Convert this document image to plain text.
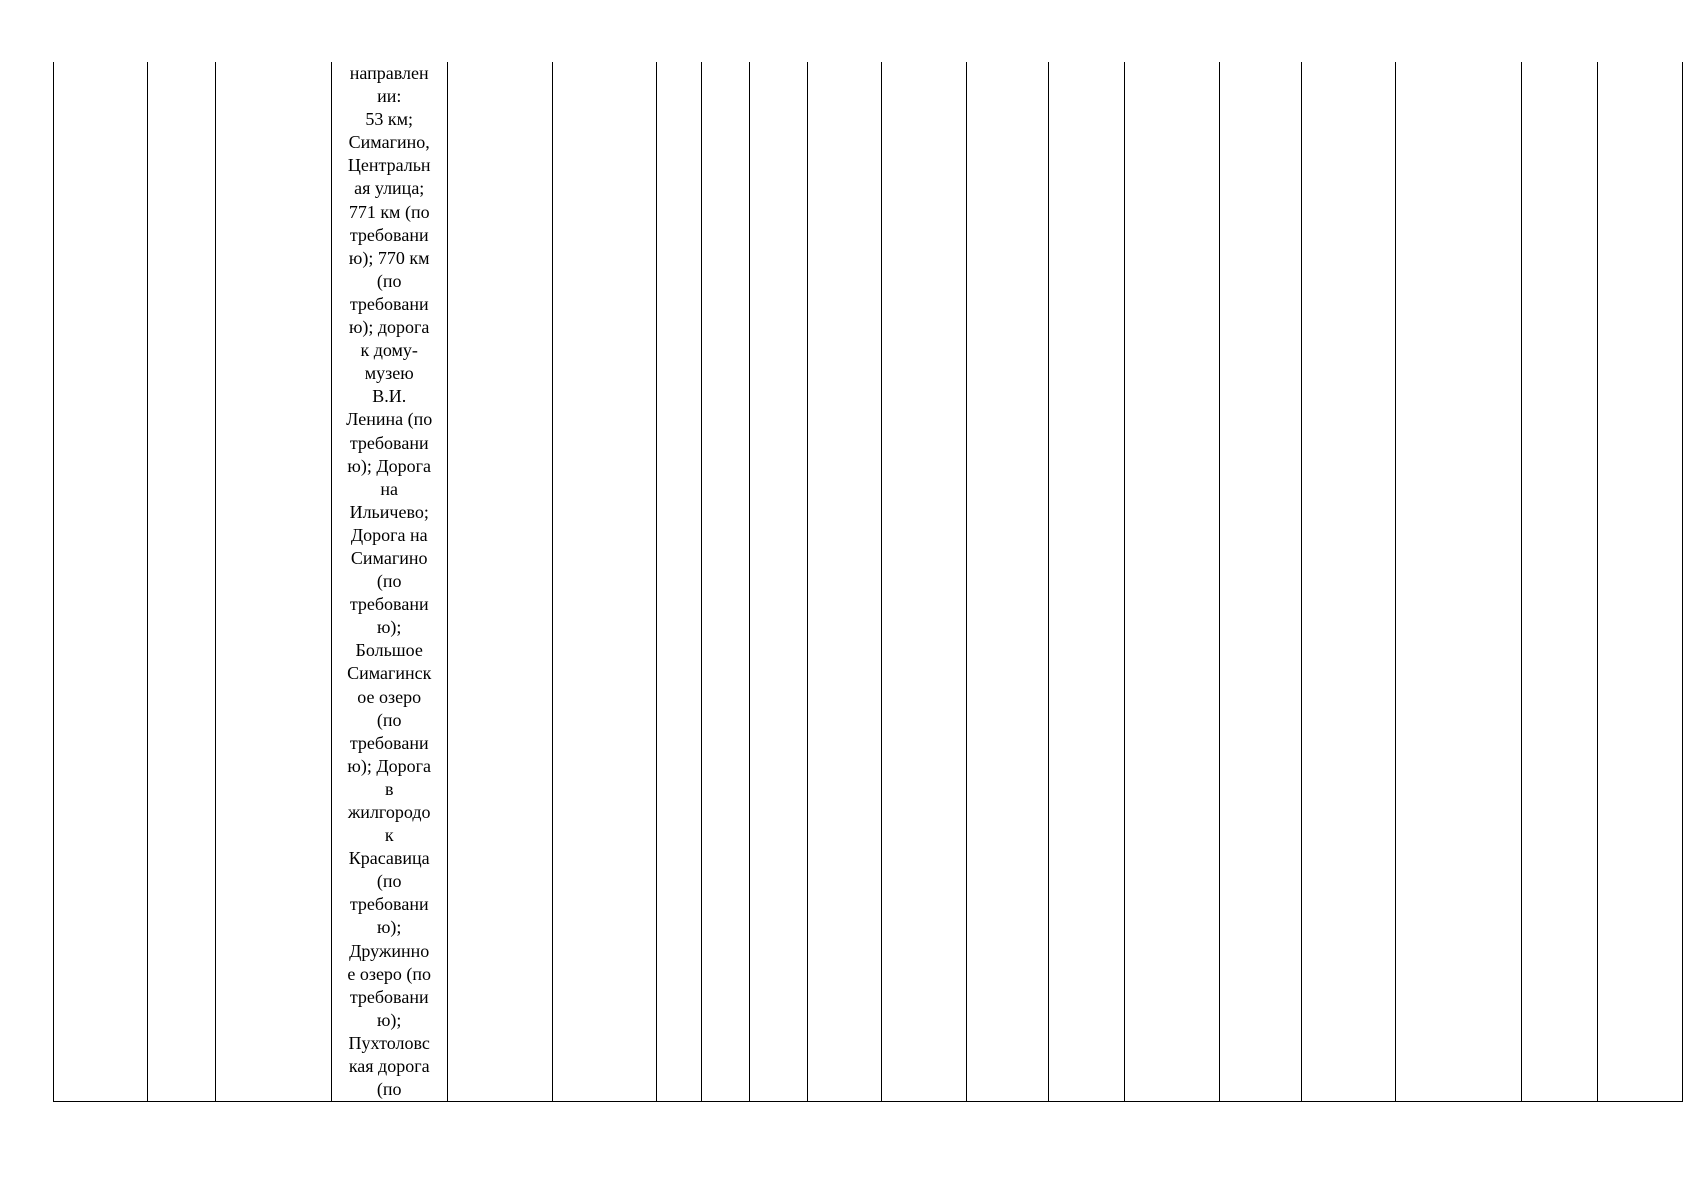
			направлен
ии:
53 км;
Симагино,
Центральн
ая улица;
771 км (по
требовани
ю); 770 км
(по
требовани
ю); дорога
к дому-
музею
В.И.
Ленина (по
требовани
ю); Дорога
на
Ильичево;
Дорога на
Симагино
(по
требовани
ю);
Большое
Симагинск
ое озеро
(по
требовани
ю); Дорога
в
жилгородо
к
Красавица
(по
требовани
ю);
Дружинно
е озеро (по
требовани
ю);
Пухтоловс
кая дорога
(по															
